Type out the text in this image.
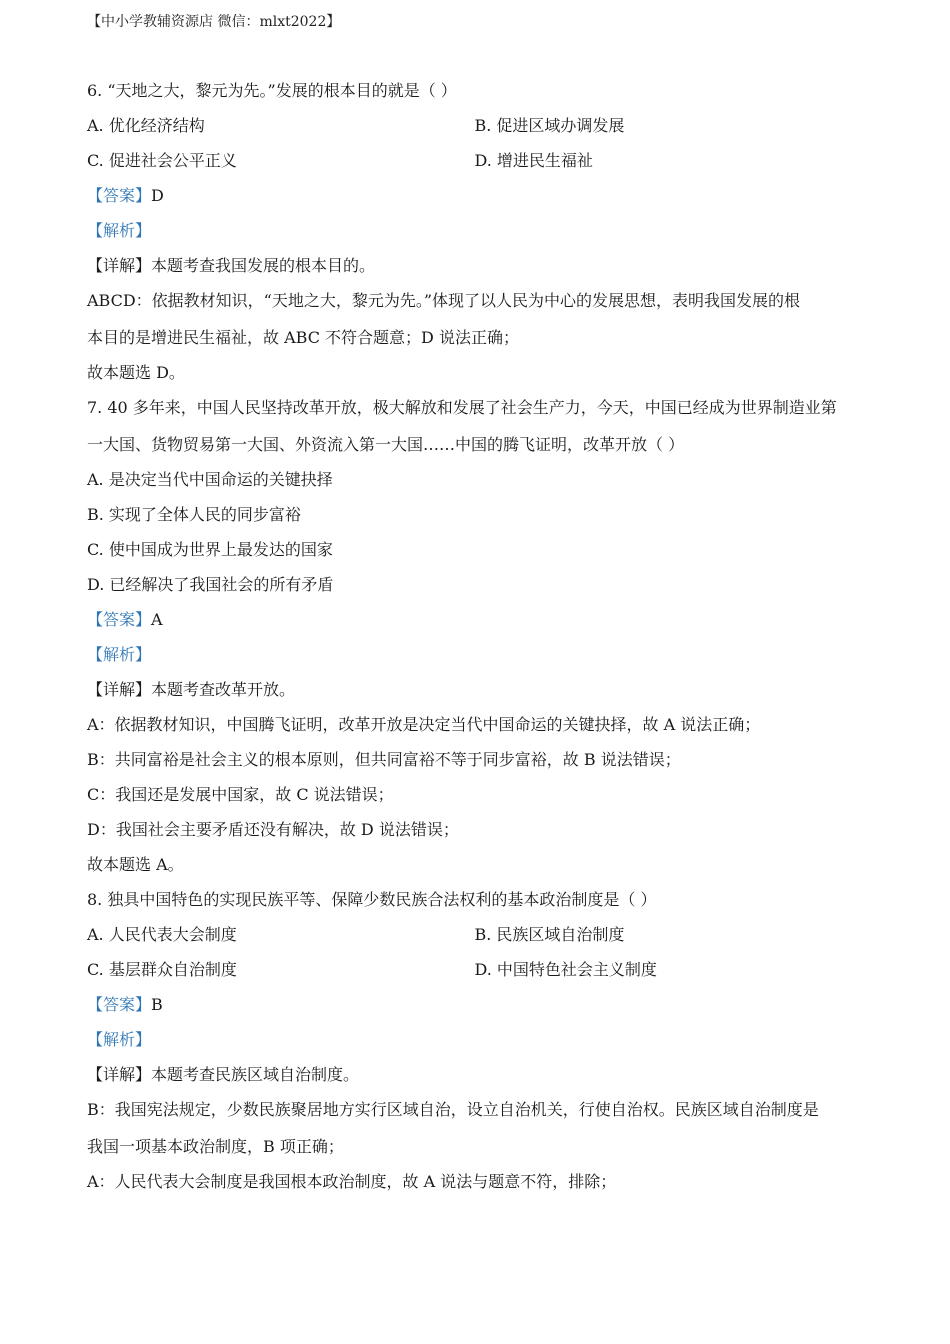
【中小学教辅资源店 微信：mlxt2022】
6. “天地之大，黎元为先。”发展的根本目的就是（ ）
A. 优化经济结构	B. 促进区域办调发展
C. 促进社会公平正义	D. 增进民生福祉
【答案】D
【解析】
【详解】本题考查我国发展的根本目的。
ABCD：依据教材知识，“天地之大，黎元为先。”体现了以人民为中心的发展思想，表明我国发展的根
本目的是增进民生福祉，故 ABC 不符合题意；D 说法正确；
故本题选 D。
7. 40 多年来，中国人民坚持改革开放，极大解放和发展了社会生产力，今天，中国已经成为世界制造业第
一大国、货物贸易第一大国、外资流入第一大国……中国的腾飞证明，改革开放（ ）
A. 是决定当代中国命运的关键抉择
B. 实现了全体人民的同步富裕
C. 使中国成为世界上最发达的国家
D. 已经解决了我国社会的所有矛盾
【答案】A
【解析】
【详解】本题考查改革开放。
A：依据教材知识，中国腾飞证明，改革开放是决定当代中国命运的关键抉择，故 A 说法正确；
B：共同富裕是社会主义的根本原则，但共同富裕不等于同步富裕，故 B 说法错误；
C：我国还是发展中国家，故 C 说法错误；
D：我国社会主要矛盾还没有解决，故 D 说法错误；
故本题选 A。
8. 独具中国特色的实现民族平等、保障少数民族合法权利的基本政治制度是（ ）
A. 人民代表大会制度	B. 民族区域自治制度
C. 基层群众自治制度	D. 中国特色社会主义制度
【答案】B
【解析】
【详解】本题考查民族区域自治制度。
B：我国宪法规定，少数民族聚居地方实行区域自治，设立自治机关，行使自治权。民族区域自治制度是
我国一项基本政治制度，B 项正确；
A：人民代表大会制度是我国根本政治制度，故 A 说法与题意不符，排除；
